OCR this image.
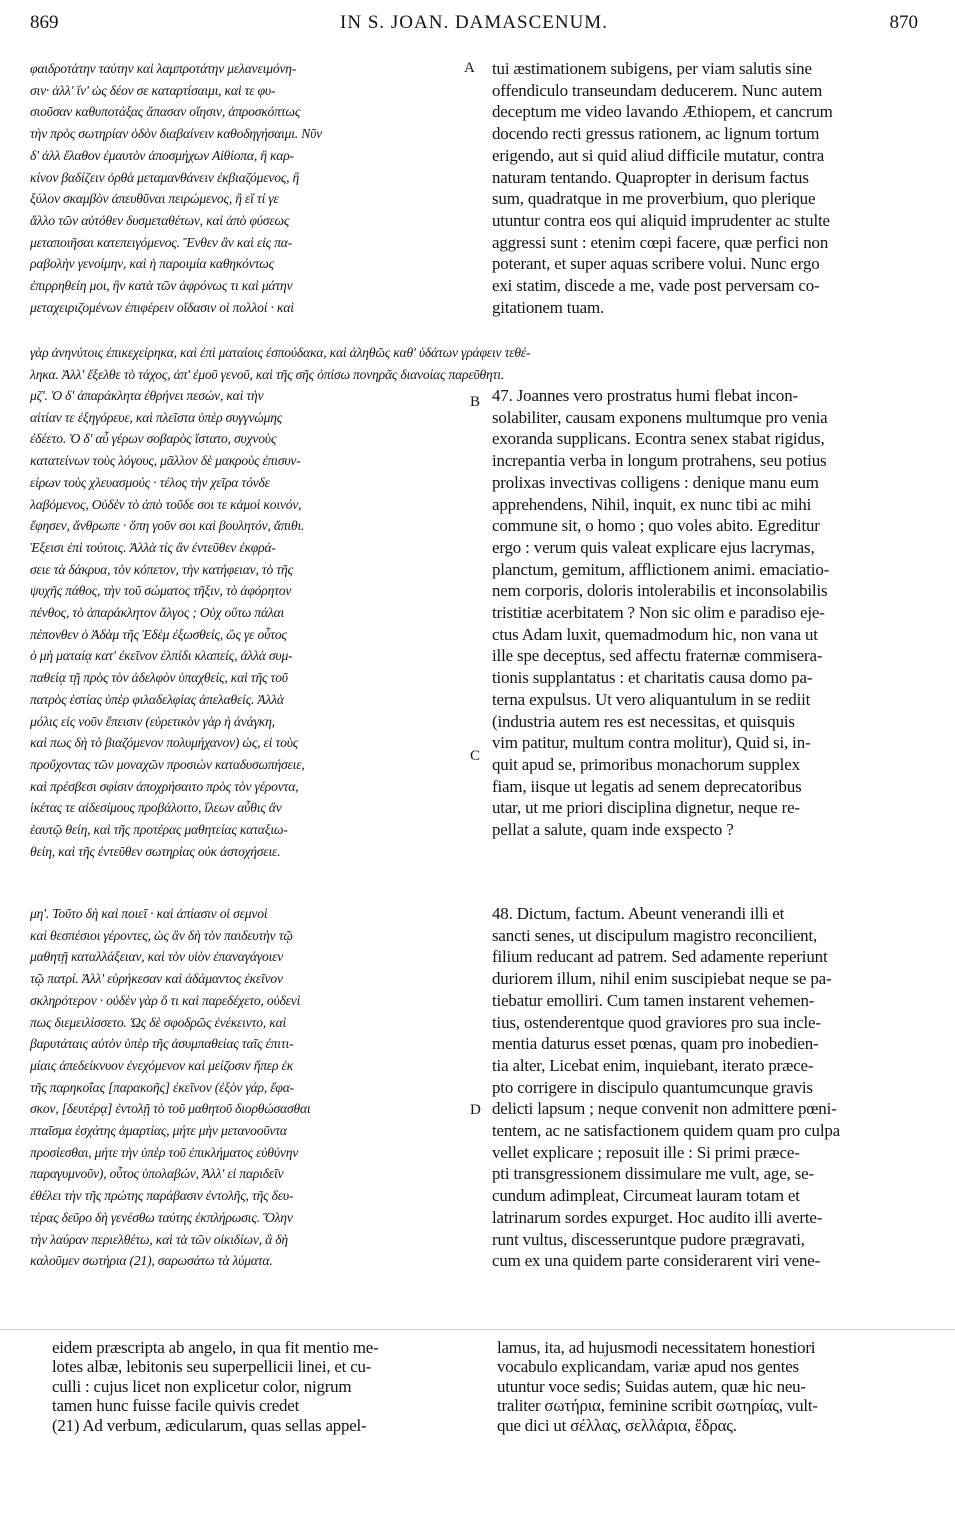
869	IN S. JOAN. DAMASCENUM.	870
φαιδροτάτην ταύτην καὶ λαμπροτάτην μελανειμόνη-
σιν· ἀλλ' ἵν' ὡς δέον σε καταρτίσαιμι, καὶ τε φυ-
σιοῦσαν καθυποτάξας ἅπασαν οἴησιν, ἀπροσκόπτως
τὴν πρὸς σωτηρίαν ὁδὸν διαβαίνειν καθοδηγήσαιμι. Νῦν
δ' ἀλλ ἔλαθον ἐμαυτὸν ἀποσμήχων Αἰθίοπα, ἢ καρ-
κίνον βαδίζειν ὀρθὰ μεταμανθάνειν ἐκβιαζόμενος, ἢ
ξύλον σκαμβὸν ἀπευθῦναι πειρώμενος, ἢ εἴ τί γε
ἄλλο τῶν αὐτόθεν δυσμεταθέτων, καὶ ἀπὸ φύσεως
μεταποιῆσαι κατεπειγόμενος. Ἔνθεν ἂν καὶ εἰς πα-
ραβολὴν γενοίμην, καὶ ἡ παροιμία καθηκόντως
ἐπιρρηθείη μοι, ἣν κατὰ τῶν ἀφρόνως τι καὶ μάτην
μεταχειριζομένων ἐπιφέρειν οἴδασιν οἱ πολλοί · καὶ
tui æstimationem subigens, per viam salutis sine
offendiculo transeundam deducerem. Nunc autem
deceptum me video lavando Æthiopem, et cancrum
docendo recti gressus rationem, ac lignum tortum
erigendo, aut si quid aliud difficile mutatur, contra
naturam tentando. Quapropter in derisum factus
sum, quadratque in me proverbium, quo plerique
utuntur contra eos qui aliquid imprudenter ac stulte
aggressi sunt : etenim cœpi facere, quæ perfici non
poterant, et super aquas scribere volui. Nunc ergo
exi statim, discede a me, vade post perversam co-
gitationem tuam.
γὰρ ἀνηνύτοις ἐπικεχείρηκα, καὶ ἐπὶ ματαίοις ἐσπούδακα, καὶ ἀληθῶς καθ' ὑδάτων γράφειν τεθέ-
ληκα. Ἀλλ' ἔξελθε τὸ τάχος, ἀπ' ἐμοῦ γενοῦ, καὶ τῆς σῆς ὀπίσω πονηρᾶς διανοίας παρεῦθητι.
μζ'. Ὁ δ' ἀπαράκλητα ἐθρήνει πεσών, καὶ τὴν
αἰτίαν τε ἐξηγόρευε, καὶ πλεῖστα ὑπὲρ συγγνώμης
ἐδέετο. Ὁ δ' αὖ γέρων σοβαρὸς ἵστατο, συχνοὺς
κατατείνων τοὺς λόγους, μᾶλλον δὲ μακροὺς ἐπισυν-
είρων τοὺς χλευασμούς · τέλος τὴν χεῖρα τόνδε
λαβόμενος, Οὐδὲν τὸ ἀπὸ τοῦδε σοι τε κἀμοὶ κοινόν,
ἔφησεν, ἄνθρωπε · ὅπη γοῦν σοι καὶ βουλητόν, ἄπιθι.
Ἐξεισι ἐπὶ τούτοις. Ἀλλὰ τίς ἂν ἐντεῦθεν ἐκφρά-
σειε τὰ δάκρυα, τὸν κόπετον, τὴν κατήφειαν, τὸ τῆς
ψυχῆς πάθος, τὴν τοῦ σώματος τῆξιν, τὸ ἀφόρητον
πένθος, τὸ ἀπαράκλητον ἄλγος ; Οὐχ οὕτω πάλαι
πέπονθεν ὁ Ἀδὰμ τῆς Ἐδὲμ ἐξωσθείς, ὥς γε οὗτος
ὁ μὴ ματαίᾳ κατ' ἐκεῖνον ἐλπίδι κλαπείς, ἀλλὰ συμ-
παθείᾳ τῇ πρὸς τὸν ἀδελφὸν ὑπαχθείς, καὶ τῆς τοῦ
πατρὸς ἑστίας ὑπὲρ φιλαδελφίας ἀπελαθείς. Ἀλλὰ
μόλις εἰς νοῦν ἔπεισιν (εὑρετικὸν γὰρ ἡ ἀνάγκη,
καὶ πως δὴ τὸ βιαζόμενον πολυμήχανον) ὡς, εἰ τοὺς
προὔχοντας τῶν μοναχῶν προσιὼν καταδυσωπήσειε,
καὶ πρέσβεσι σφίσιν ἀποχρήσαιτο πρὸς τὸν γέροντα,
ἱκέτας τε αἰδεσίμους προβάλοιτο, ἵλεων αὖθις ἂν
ἑαυτῷ θείη, καὶ τῆς προτέρας μαθητείας καταξιω-
θείη, καὶ τῆς ἐντεῦθεν σωτηρίας οὐκ ἀστοχήσειε.
47. Joannes vero prostratus humi flebat incon-
solabiliter, causam exponens multumque pro venia
exoranda supplicans. Econtra senex stabat rigidus,
increpantia verba in longum protrahens, seu potius
prolixas invectivas colligens : denique manu eum
apprehendens, Nihil, inquit, ex nunc tibi ac mihi
commune sit, o homo ; quo voles abito. Egreditur
ergo : verum quis valeat explicare ejus lacrymas,
planctum, gemitum, afflictionem animi. emaciatio-
nem corporis, doloris intolerabilis et inconsolabilis
tristitiæ acerbitatem ? Non sic olim e paradiso eje-
ctus Adam luxit, quemadmodum hic, non vana ut
ille spe deceptus, sed affectu fraternæ commisera-
tionis supplantatus : et charitatis causa domo pa-
terna expulsus. Ut vero aliquantulum in se rediit
(industria autem res est necessitas, et quisquis
vim patitur, multum contra molitur), Quid si, in-
quit apud se, primoribus monachorum supplex
fiam, iisque ut legatis ad senem deprecatoribus
utar, ut me priori disciplina dignetur, neque re-
pellat a salute, quam inde exspecto ?
μη'. Τοῦτο δὴ καὶ ποιεῖ · καὶ ἀπίασιν οἱ σεμνοὶ
καὶ θεσπέσιοι γέροντες, ὡς ἂν δὴ τὸν παιδευτὴν τῷ
μαθητῇ καταλλάξειαν, καὶ τὸν υἱὸν ἐπαναγάγοιεν
τῷ πατρί. Ἀλλ' εὑρήκεσαν καὶ ἀδάμαντος ἐκεῖνον
σκληρότερον · οὐδὲν γὰρ ὅ τι καὶ παρεδέχετο, οὐδενὶ
πως διεμειλίσσετο. Ὡς δὲ σφοδρῶς ἐνέκειντο, καὶ
βαρυτάταις αὐτὸν ὑπὲρ τῆς ἀσυμπαθείας ταῖς ἐπιτι-
μίαις ἀπεδείκνυον ἐνεχόμενον καὶ μείζοσιν ἤπερ ἐκ
τῆς παρηκοΐας [παρακοῆς] ἐκεῖνον (ἐξὸν γάρ, ἔφα-
σκον, [δευτέρᾳ] ἐντολῇ τὸ τοῦ μαθητοῦ διορθώσασθαι
πταῖσμα ἐσχάτης ἁμαρτίας, μήτε μὴν μετανοοῦντα
προσίεσθαι, μήτε τὴν ὑπὲρ τοῦ ἐπικλήματος εὐθύνην
παραγυμνοῦν), οὗτος ὑπολαβών, Ἀλλ' εἰ παριδεῖν
ἐθέλει τὴν τῆς πρώτης παράβασιν ἐντολῆς, τῆς δευ-
τέρας δεῦρο δὴ γενέσθω ταύτης ἐκπλήρωσις. Ὅλην
τὴν λαύραν περιελθέτω, καὶ τὰ τῶν οἰκιδίων, ἃ δὴ
καλοῦμεν σωτήρια (21), σαρωσάτω τὰ λύματα.
48. Dictum, factum. Abeunt venerandi illi et
sancti senes, ut discipulum magistro reconcilient,
filium reducant ad patrem. Sed adamente reperiunt
duriorem illum, nihil enim suscipiebat neque se pa-
tiebatur emolliri. Cum tamen instarent vehemen-
tius, ostenderentque quod graviores pro sua incle-
mentia daturus esset pœnas, quam pro inobedien-
tia alter, Licebat enim, inquiebant, iterato præce-
pto corrigere in discipulo quantumcunque gravis
delicti lapsum ; neque convenit non admittere pœni-
tentem, ac ne satisfactionem quidem quam pro culpa
vellet explicare ; reposuit ille : Si primi præce-
pti transgressionem dissimulare me vult, age, se-
cundum adimpleat, Circumeat lauram totam et
latrinarum sordes expurget. Hoc audito illi averte-
runt vultus, discesseruntque pudore prægravati,
cum ex una quidem parte considerarent viri vene-
A
B
C
D
eidem præscripta ab angelo, in qua fit mentio me-
lotes albæ, lebitonis seu superpellicii linei, et cu-
culli : cujus licet non explicetur color, nigrum
tamen hunc fuisse facile quivis credet
(21) Ad verbum, ædicularum, quas sellas appel-
lamus, ita, ad hujusmodi necessitatem honestiori
vocabulo explicandam, variæ apud nos gentes
utuntur voce sedis; Suidas autem, quæ hic neu-
traliter σωτήρια, feminine scribit σωτηρίας, vult-
que dici ut σέλλας, σελλάρια, ἕδρας.
